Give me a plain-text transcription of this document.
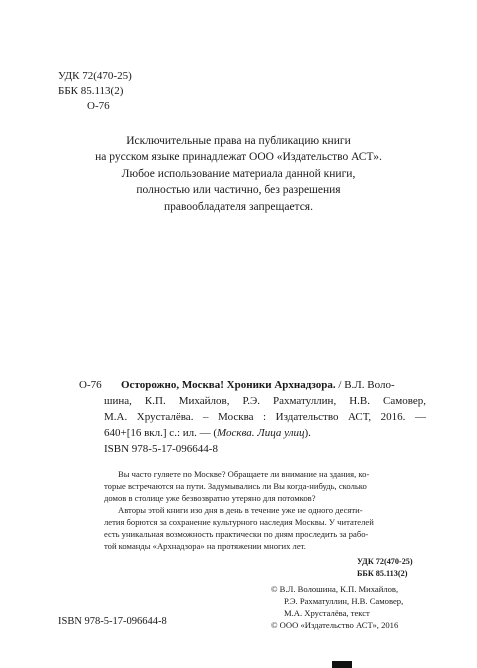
УДК 72(470-25)
ББК 85.113(2)
О-76
Исключительные права на публикацию книги
на русском языке принадлежат ООО «Издательство АСТ».
Любое использование материала данной книги,
полностью или частично, без разрешения
правообладателя запрещается.
О-76 Осторожно, Москва! Хроники Архнадзора. / В.Л. Воло-
шина, К.П. Михайлов, Р.Э. Рахматуллин, Н.В. Самовер,
М.А. Хрусталёва. – Москва : Издательство АСТ, 2016. —
640+[16 вкл.] с.: ил. — (Москва. Лица улиц).
ISBN 978-5-17-096644-8
Вы часто гуляете по Москве? Обращаете ли внимание на здания, ко-
торые встречаются на пути. Задумывались ли Вы когда-нибудь, сколько
домов в столице уже безвозвратно утеряно для потомков?
Авторы этой книги изо дня в день в течение уже не одного десяти-
летия борются за сохранение культурного наследия Москвы. У читателей
есть уникальная возможность практически по дням проследить за рабо-
той команды «Архнадзора» на протяжении многих лет.
УДК 72(470-25)
ББК 85.113(2)
ISBN 978-5-17-096644-8
© В.Л. Волошина, К.П. Михайлов,
Р.Э. Рахматуллин, Н.В. Самовер,
М.А. Хрусталёва, текст
© ООО «Издательство АСТ», 2016
